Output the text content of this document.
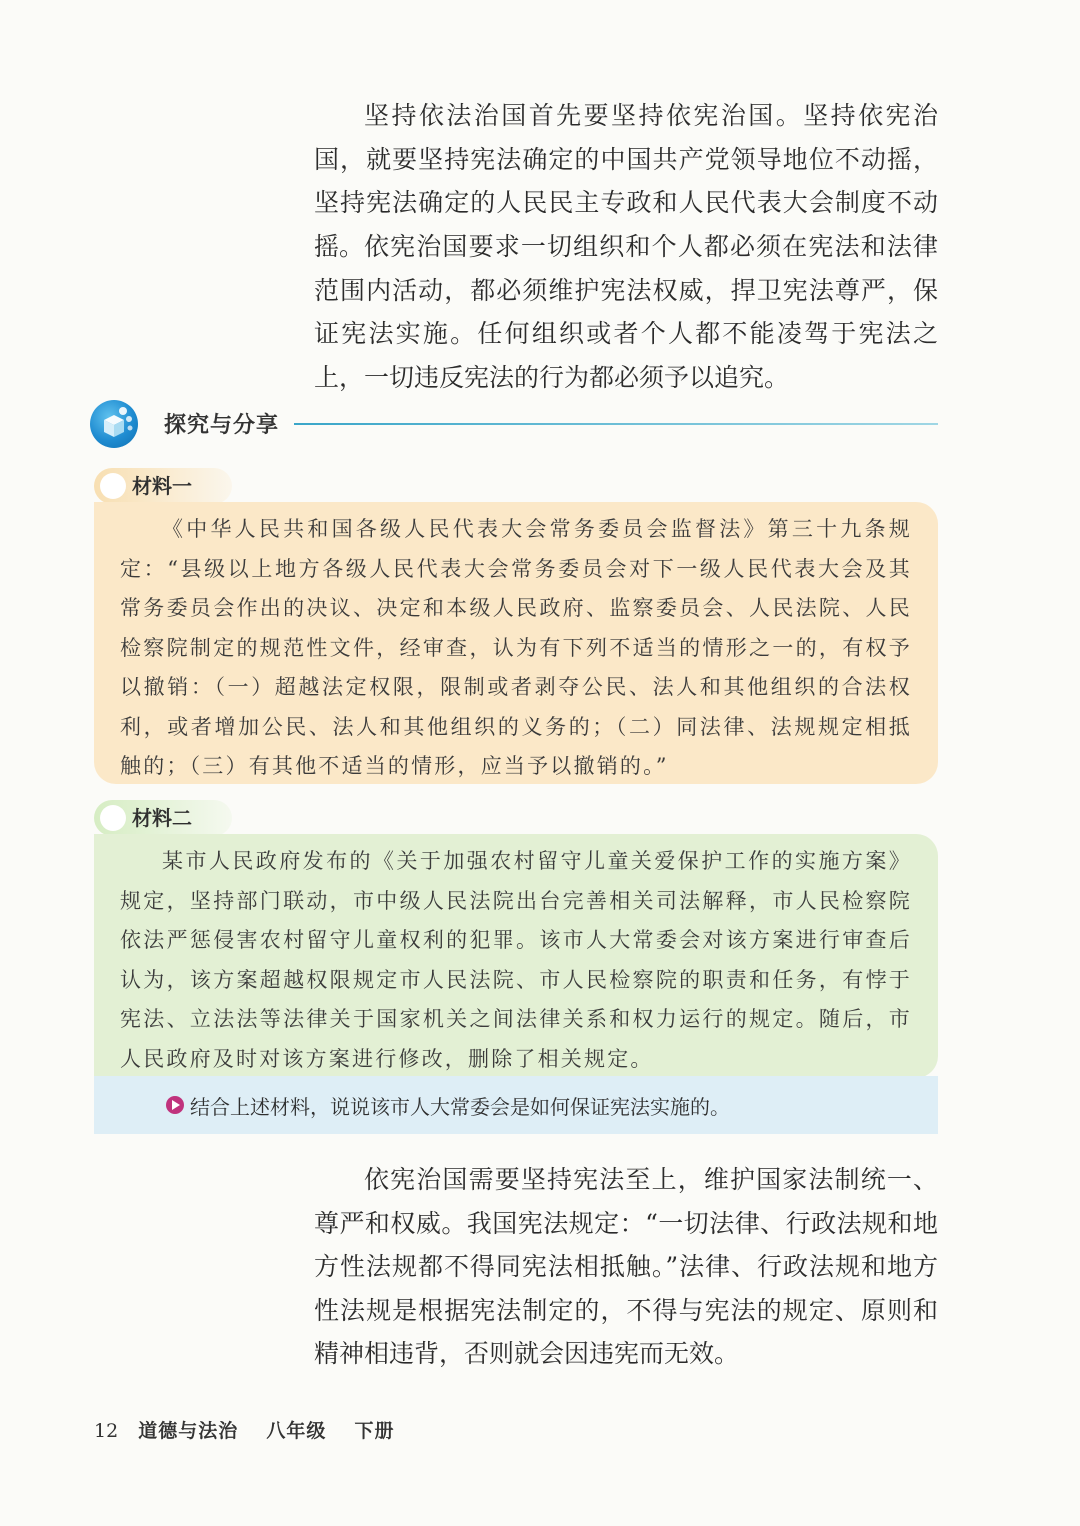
坚持依法治国首先要坚持依宪治国。坚持依宪治国，就要坚持宪法确定的中国共产党领导地位不动摇，坚持宪法确定的人民民主专政和人民代表大会制度不动摇。 依宪治国要求一切组织和个人都必须在宪法和法律范围内活动，都必须维护宪法权威，捍卫宪法尊严，保证宪法实施。任何组织或者个人都不能凌驾于宪法之上，一切违反宪法的行为都必须予以追究。

探究与分享
材料一

《中华人民共和国各级人民代表大会常务委员会监督法》第三十九条规定：“县级以上地方各级人民代表大会常务委员会对下一级人民代表大会及其常务委员会作出的决议、决定和本级人民政府、监察委员会、人民法院、人民检察院制定的规范性文件，经审查，认为有下列不适当的情形之一的，有权予以撤销：（一）超越法定权限，限制或者剥夺公民、法人和其他组织的合法权利，或者增加公民、法人和其他组织的义务的；（二）同法律、法规规定相抵触的；（三）有其他不适当的情形，应当予以撤销的。”

材料二

某市人民政府发布的《关于加强农村留守儿童关爱保护工作的实施方案》规定，坚持部门联动，市中级人民法院出台完善相关司法解释，市人民检察院依法严惩侵害农村留守儿童权利的犯罪。该市人大常委会对该方案进行审查后认为，该方案超越权限规定市人民法院、市人民检察院的职责和任务，有悖于宪法、立法法等法律关于国家机关之间法律关系和权力运行的规定。随后，市人民政府及时对该方案进行修改，删除了相关规定。

结合上述材料，说说该市人大常委会是如何保证宪法实施的。

依宪治国需要坚持宪法至上，维护国家法制统一、尊严和权威。我国宪法规定：“一切法律、行政法规和地方性法规都不得同宪法相抵触。”法律、行政法规和地方性法规是根据宪法制定的，不得与宪法的规定、原则和精神相违背，否则就会因违宪而无效。

12 道德与法治 八年级 下册
